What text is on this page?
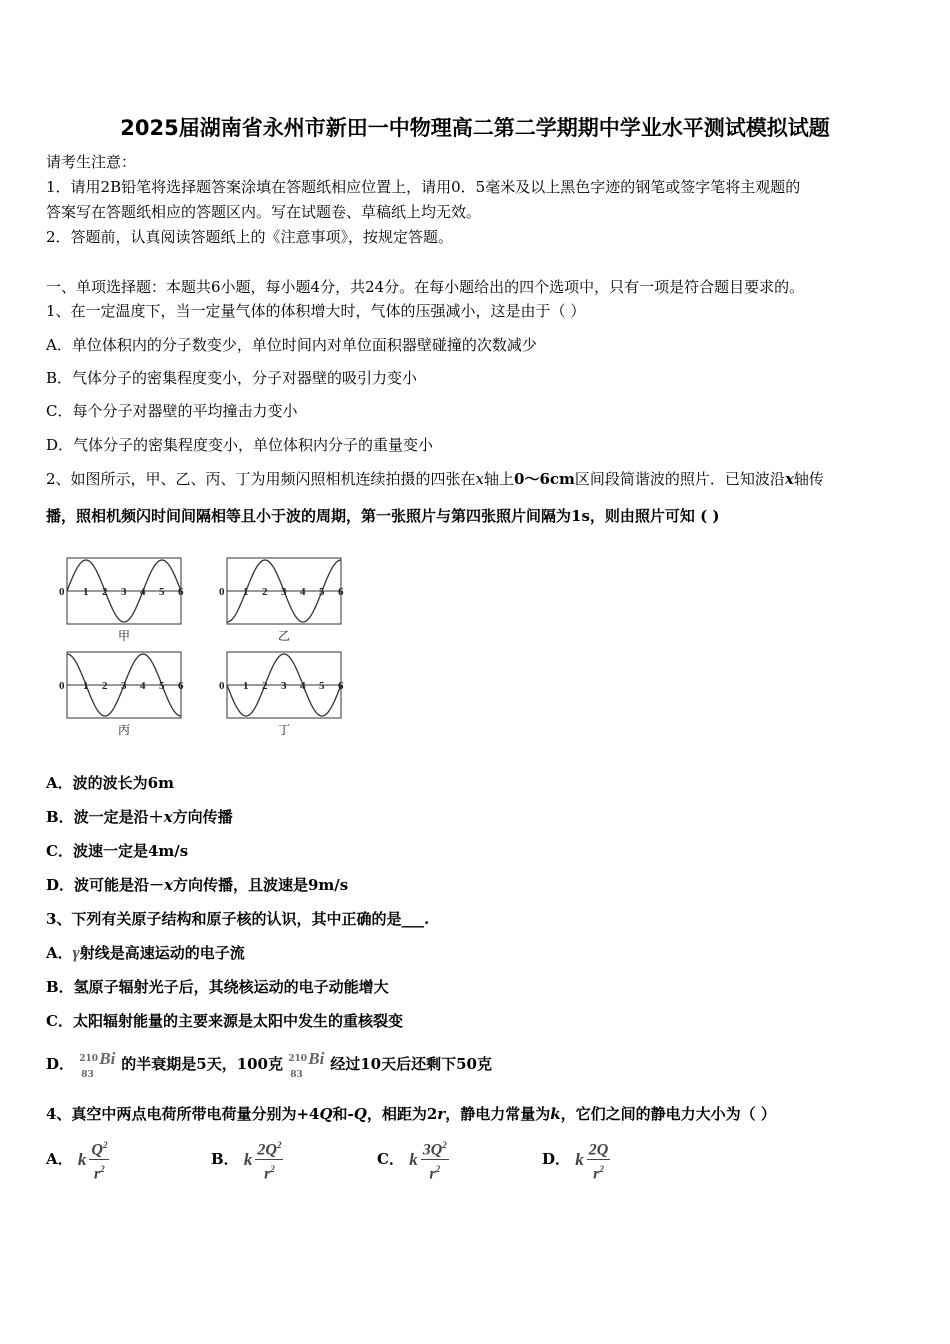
2025届湖南省永州市新田一中物理高二第二学期期中学业水平测试模拟试题
请考生注意：
1．请用2B铅笔将选择题答案涂填在答题纸相应位置上，请用0．5毫米及以上黑色字迹的钢笔或签字笔将主观题的
答案写在答题纸相应的答题区内。写在试题卷、草稿纸上均无效。
2．答题前，认真阅读答题纸上的《注意事项》，按规定答题。
一、单项选择题：本题共6小题，每小题4分，共24分。在每小题给出的四个选项中，只有一项是符合题目要求的。
1、在一定温度下，当一定量气体的体积增大时，气体的压强减小，这是由于（ ）
A．单位体积内的分子数变少，单位时间内对单位面积器壁碰撞的次数减少
B．气体分子的密集程度变小，分子对器壁的吸引力变小
C．每个分子对器壁的平均撞击力变小
D．气体分子的密集程度变小，单位体积内分子的重量变小
2、如图所示，甲、乙、丙、丁为用频闪照相机连续拍摄的四张在x轴上0～6cm区间段简谐波的照片．已知波沿x轴传
播，照相机频闪时间间隔相等且小于波的周期，第一张照片与第四张照片间隔为1s，则由照片可知 ( )
0 1 2 3 4 5 6
甲
0 1 2 3 4 5 6
乙
0 1 2 3 4 5 6
丙
0 1 2 3 4 5 6
丁
A．波的波长为6m
B．波一定是沿＋x方向传播
C．波速一定是4m/s
D．波可能是沿－x方向传播，且波速是9m/s
3、下列有关原子结构和原子核的认识，其中正确的是___.
A．γ射线是高速运动的电子流
B．氢原子辐射光子后，其绕核运动的电子动能增大
C．太阳辐射能量的主要来源是太阳中发生的重核裂变
D． 210
83
Bi 的半衰期是5天，100克 210
83
Bi 经过10天后还剩下50克
4、真空中两点电荷所带电荷量分别为+4Q和-Q，相距为2r，静电力常量为k，它们之间的静电力大小为（ ）
A． k $\frac{Q^2}{r^2}$	B． k $\frac{2Q^2}{r^2}$	C． k $\frac{3Q^2}{r^2}$	D． k $\frac{2Q}{r^2}$
